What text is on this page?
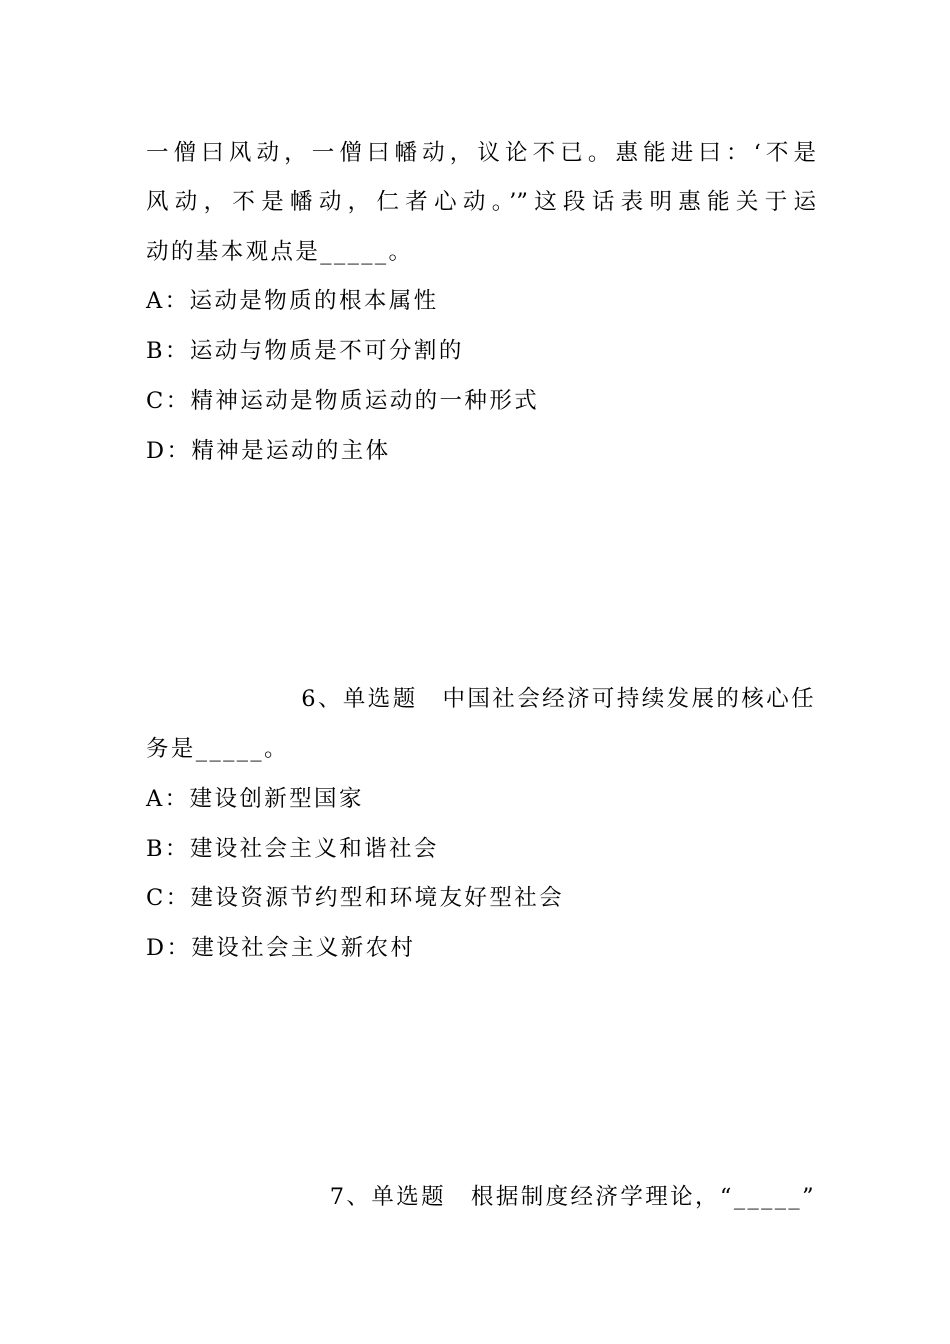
一僧曰风动，一僧曰幡动，议论不已。惠能进曰：‘不是
风动，不是幡动，仁者心动。’”这段话表明惠能关于运
动的基本观点是_____。
A：运动是物质的根本属性
B：运动与物质是不可分割的
C：精神运动是物质运动的一种形式
D：精神是运动的主体
6、单选题　中国社会经济可持续发展的核心任
务是_____。
A：建设创新型国家
B：建设社会主义和谐社会
C：建设资源节约型和环境友好型社会
D：建设社会主义新农村
7、单选题　根据制度经济学理论，“_____”
